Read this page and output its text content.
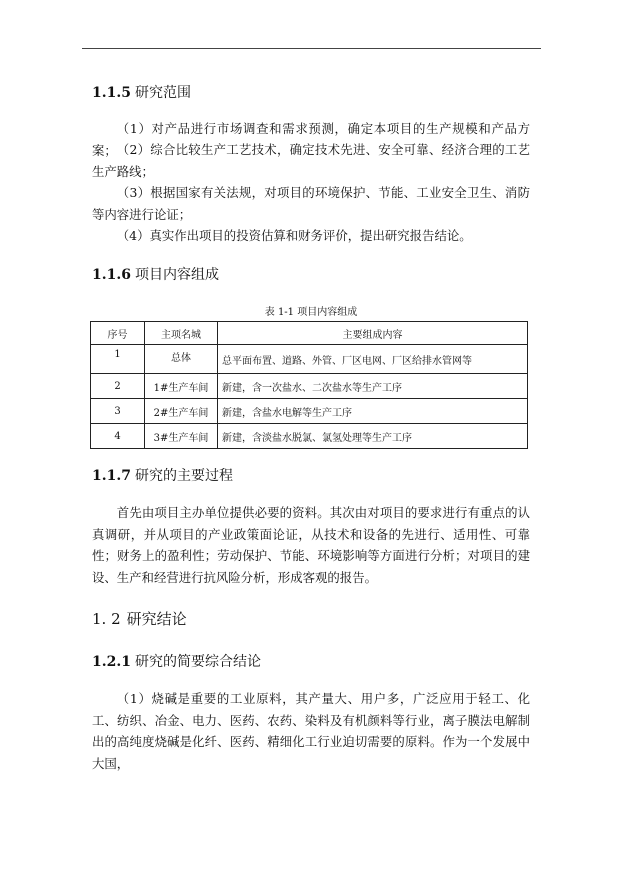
1.1.5 研究范围
（1）对产品进行市场调查和需求预测，确定本项目的生产规模和产品方案； （2）综合比较生产工艺技术，确定技术先进、安全可靠、经济合理的工艺生产路线；
（3）根据国家有关法规，对项目的环境保护、节能、工业安全卫生、消防等内容进行论证；
（4）真实作出项目的投资估算和财务评价，提出研究报告结论。
1.1.6 项目内容组成
表 1-1 项目内容组成
序号	主项名城	主要组成内容
1	总体	总平面布置、道路、外管、厂区电网、厂区给排水管网等
2	1#生产车间	新建，含一次盐水、二次盐水等生产工序
3	2#生产车间	新建，含盐水电解等生产工序
4	3#生产车间	新建，含淡盐水脱氯、氯氢处理等生产工序
1.1.7 研究的主要过程
首先由项目主办单位提供必要的资料。其次由对项目的要求进行有重点的认真调研，并从项目的产业政策面论证，从技术和设备的先进行、适用性、可靠性；财务上的盈利性；劳动保护、节能、环境影响等方面进行分析；对项目的建设、生产和经营进行抗风险分析，形成客观的报告。
1. 2 研究结论
1.2.1 研究的简要综合结论
（1）烧碱是重要的工业原料，其产量大、用户多，广泛应用于轻工、化工、纺织、冶金、电力、医药、农药、染料及有机颜料等行业，离子膜法电解制出的高纯度烧碱是化纤、医药、精细化工行业迫切需要的原料。作为一个发展中大国，
